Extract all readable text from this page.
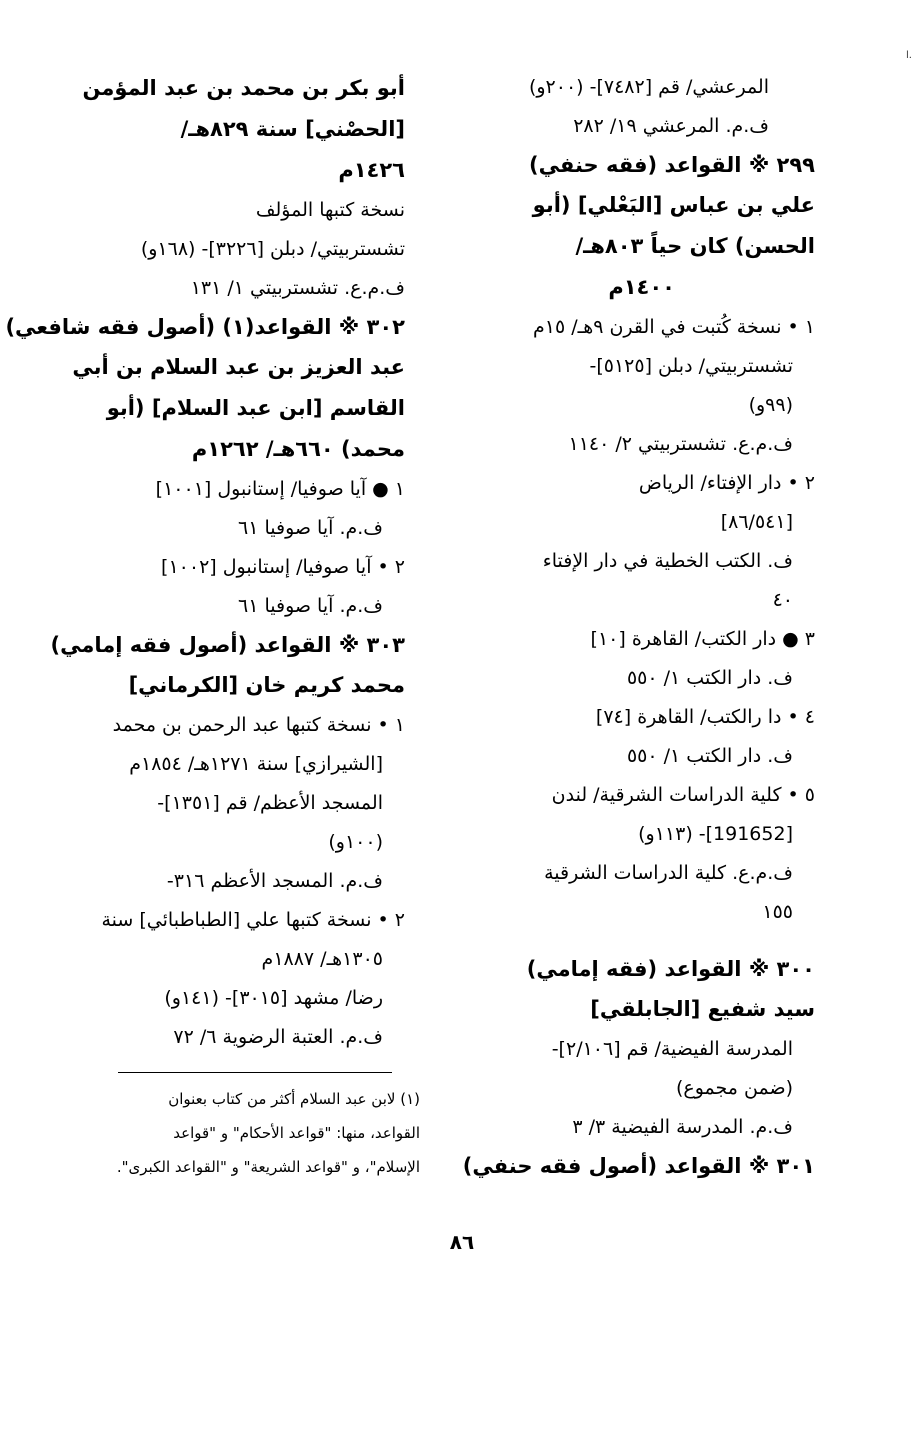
المرعشي/ قم [٧٤٨٢]- (٢٠٠و)
ف.م. المرعشي ١٩/ ٢٨٢
٢٩٩ ※ القواعد (فقه حنفي)
علي بن عباس [البَعْلي] (أبو
الحسن) كان حياً ٨٠٣هـ/
١٤٠٠م
١ • نسخة كُتبت في القرن ٩هـ/ ١٥م
تشستربيتي/ دبلن [٥١٢٥]-
(٩٩و)
ف.م.ع. تشستربيتي ٢/ ١١٤٠
٢ • دار الإفتاء/ الرياض
[٨٦/٥٤١]
ف. الكتب الخطية في دار الإفتاء
٤٠
٣ ● دار الكتب/ القاهرة [١٠]
ف. دار الكتب ١/ ٥٥٠
٤ • دا رالكتب/ القاهرة [٧٤]
ف. دار الكتب ١/ ٥٥٠
٥ • كلية الدراسات الشرقية/ لندن
[191652]- (١١٣و)
ف.م.ع. كلية الدراسات الشرقية
١٥٥
٣٠٠ ※ القواعد (فقه إمامي)
سيد شفيع [الجابلقي]
المدرسة الفيضية/ قم [٢/١٠٦]-
(ضمن مجموع)
ف.م. المدرسة الفيضية ٣/ ٣
٣٠١ ※ القواعد (أصول فقه حنفي)
أبو بكر بن محمد بن عبد المؤمن
[الحصْني] سنة ٨٢٩هـ/
١٤٢٦م
نسخة كتبها المؤلف
تشستربيتي/ دبلن [٣٢٢٦]- (١٦٨و)
ف.م.ع. تشستربيتي ١/ ١٣١
٣٠٢ ※ القواعد(١) (أصول فقه شافعي)
عبد العزيز بن عبد السلام بن أبي
القاسم [ابن عبد السلام] (أبو
محمد) ٦٦٠هـ/ ١٢٦٢م
١ ● آيا صوفيا/ إستانبول [١٠٠١]
ف.م. آيا صوفيا ٦١
٢ • آيا صوفيا/ إستانبول [١٠٠٢]
ف.م. آيا صوفيا ٦١
٣٠٣ ※ القواعد (أصول فقه إمامي)
محمد كريم خان [الكرماني]
١ • نسخة كتبها عبد الرحمن بن محمد
[الشيرازي] سنة ١٢٧١هـ/ ١٨٥٤م
المسجد الأعظم/ قم [١٣٥١]-
(١٠٠و)
ف.م. المسجد الأعظم ٣١٦-
٢ • نسخة كتبها علي [الطباطبائي] سنة
١٣٠٥هـ/ ١٨٨٧م
رضا/ مشهد [٣٠١٥]- (١٤١و)
ف.م. العتبة الرضوية ٦/ ٧٢
(١) لابن عبد السلام أكثر من كتاب بعنوان
القواعد، منها: "قواعد الأحكام" و "قواعد
الإسلام"، و "قواعد الشريعة" و "القواعد الكبرى".
٨٦
ا.
